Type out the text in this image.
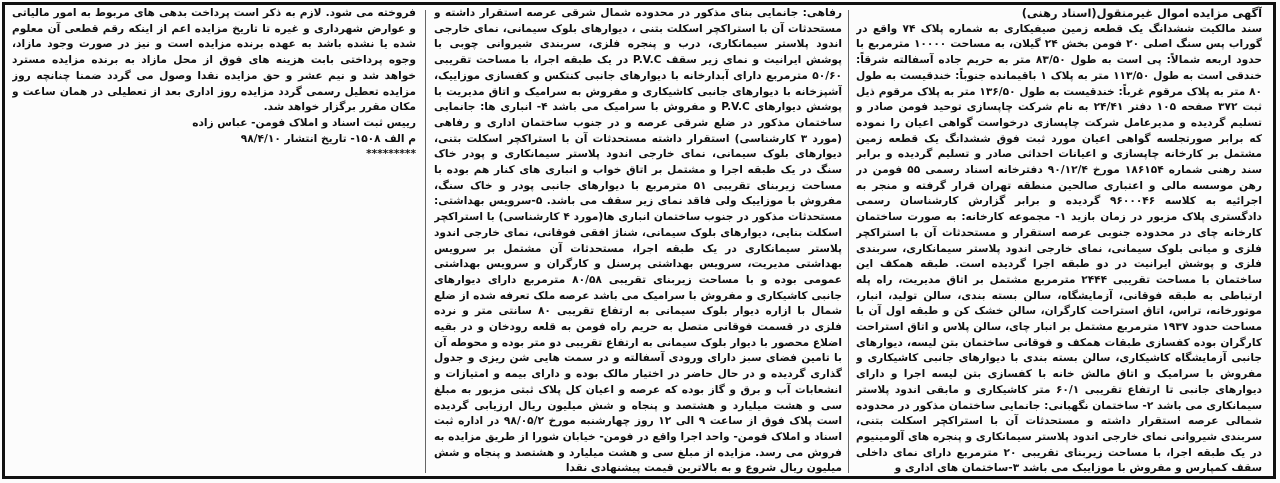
آگهی مزایده اموال غیرمنقول(اسناد رهنی)

سند مالکیت ششدانگ یک قطعه زمین صیفیکاری به شماره پلاک ۷۴ واقع در گوراب پس سنگ اصلی ۲۰ فومن بخش ۲۴ گیلان، به مساحت ۱۰۰۰۰ مترمربع با حدود اربعه شمالاً: پی است به طول ۸۳/۵۰ متر به حریم جاده آسفالته شرقاً: خندقی است به طول ۱۱۳/۵۰ متر به پلاک ۱ باقیمانده جنوباً: خندقیست به طول ۸۰ متر به پلاک مرقوم غرباً: خندقیست به طول ۱۳۶/۵۰ متر به پلاک مرقوم ذیل ثبت ۳۷۲ صفحه ۱۰۵ دفتر ۲۴/۴۱ به نام شرکت چاپسازی توحید فومن صادر و تسلیم گردیده و مدیرعامل شرکت چاپسازی درخواست گواهی اعیان را نموده که برابر صورتجلسه گواهی اعیان مورد ثبت فوق ششدانگ یک قطعه زمین مشتمل بر کارخانه چاپسازی و اعیانات احداثی صادر و تسلیم گردیده و برابر سند رهنی شماره ۱۸۶۱۵۴ مورخ ۹۰/۱۲/۴ دفترخانه اسناد رسمی ۵۵ فومن در رهن موسسه مالی و اعتباری صالحین منطقه تهران قرار گرفته و منجر به اجرائیه به کلاسه ۹۶۰۰۰۴۶ گردیده و برابر گزارش کارشناسان رسمی دادگستری پلاک مزبور در زمان بازید ۱- مجموعه کارخانه: به صورت ساختمان کارخانه چای در محدوده جنوبی عرصه استقرار و مستحدثات آن با استراکچر فلزی و میانی بلوک سیمانی، نمای خارجی اندود پلاستر سیمانکاری، سربندی فلزی و پوشش ایرانیت در دو طبقه اجرا گردیده است. طبقه همکف این ساختمان با مساحت تقریبی ۲۴۴۴ مترمربع مشتمل بر اتاق مدیریت، راه پله ارتباطی به طبقه فوقانی، آزمایشگاه، سالن بسته بندی، سالن تولید، انبار، موتورخانه، تراس، اتاق استراحت کارگران، سالن خشک کن و طبقه اول آن با مساحت حدود ۱۹۳۷ مترمربع مشتمل بر انبار چای، سالن پلاس و اتاق استراحت کارگران بوده کفسازی طبقات همکف و فوقانی ساختمان بتن لیسه، دیوارهای جانبی آزمایشگاه کاشیکاری، سالن بسته بندی با دیوارهای جانبی کاشیکاری و مفروش با سرامیک و اتاق مالش خانه با کفسازی بتن لیسه اجرا و دارای دیوارهای جانبی تا ارتفاع تقریبی ۶۰/۱ متر کاشیکاری و مابقی اندود پلاستر سیمانکاری می باشد ۲- ساختمان نگهبانی: جانمایی ساختمان مذکور در محدوده شمالی عرصه استقرار داشته و مستحدثات آن با استراکچر اسکلت بتنی، سربندی شیروانی نمای خارجی اندود پلاستر سیمانکاری و پنجره های آلومینیوم در یک طبقه اجرا، با مساحت زیربنای تقریبی ۲۰ مترمربع دارای نمای داخلی سقف کمپارس و مفروش با موزاییک می باشد ۳-ساختمان های اداری و

رفاهی: جانمایی بنای مذکور در محدوده شمال شرقی عرصه استقرار داشته و مستحدثات آن با استراکچر اسکلت بتنی ، دیوارهای بلوک سیمانی، نمای خارجی اندود پلاستر سیمانکاری، درب و پنجره فلزی، سربندی شیروانی چوبی با پوشش ایرانیت و نمای زیر سقف P.V.C در یک طبقه اجرا، با مساحت تقریبی ۵۰/۶۰ مترمربع دارای آبدارخانه با دیوارهای جانبی کنتکس و کفسازی موزاییک، آشپزخانه با دیوارهای جانبی کاشیکاری و مفروش به سرامیک و اتاق مدیریت با پوشش دیوارهای P.V.C و مفروش با سرامیک می باشد ۴- انباری ها: جانمایی ساختمان مذکور در ضلع شرقی عرصه و در جنوب ساختمان اداری و رفاهی (مورد ۳ کارشناسی) استقرار داشته مستحدثات آن با استراکچر اسکلت بتنی، دیوارهای بلوک سیمانی، نمای خارجی اندود پلاستر سیمانکاری و پودر خاک سنگ در یک طبقه اجرا و مشتمل بر اتاق خواب و انباری های کنار هم بوده با مساحت زیربنای تقریبی ۵۱ مترمربع با دیوارهای جانبی پودر و خاک سنگ، مفروش با موزاییک ولی فاقد نمای زیر سقف می باشد. ۵-سرویس بهداشتی: مستحدثات مذکور در جنوب ساختمان انباری ها(مورد ۴ کارشناسی) با استراکچر اسکلت بنایی، دیوارهای بلوک سیمانی، شناژ افقی فوقانی، نمای خارجی اندود پلاستر سیمانکاری در یک طبقه اجرا، مستحدثات آن مشتمل بر سرویس بهداشتی مدیریت، سرویس بهداشتی پرسنل و کارگران و سرویس بهداشتی عمومی بوده و با مساحت زیربنای تقریبی ۸۰/۵۸ مترمربع دارای دیوارهای جانبی کاشیکاری و مفروش با سرامیک می باشد عرصه ملک تعرفه شده از ضلع شمال با ازاره دیوار بلوک سیمانی به ارتفاع تقریبی ۸۰ سانتی متر و نرده فلزی در قسمت فوقانی متصل به حریم راه فومن به قلعه رودخان و در بقیه اضلاع محصور با دیوار بلوک سیمانی به ارتفاع تقریبی دو متر بوده و محوطه آن با تامین فضای سبز دارای ورودی آسفالته و در سمت هایی شن ریزی و جدول گذاری گردیده و در حال حاضر در اختیار مالک بوده و دارای بیمه و امتیازات و انشعابات آب و برق و گاز بوده که عرصه و اعیان کل پلاک ثبتی مزبور به مبلغ سی و هشت میلیارد و هشتصد و پنجاه و شش میلیون ریال ارزیابی گردیده است پلاک فوق از ساعت ۹ الی ۱۲ روز چهارشنبه مورخ ۹۸/۰۵/۲ در اداره ثبت اسناد و املاک فومن- واحد اجرا واقع در فومن- خیابان شورا از طریق مزایده به فروش می رسد. مزایده از مبلغ سی و هشت میلیارد و هشتصد و پنجاه و شش میلیون ریال شروع و به بالاترین قیمت پیشنهادی نقدا

فروخته می شود. لازم به ذکر است پرداخت بدهی های مربوط به امور مالیاتی و عوارض شهرداری و غیره تا تاریخ مزایده اعم از اینکه رقم قطعی آن معلوم شده یا نشده باشد به عهده برنده مزایده است و نیز در صورت وجود مازاد، وجوه پرداختی بابت هزینه های فوق از محل مازاد به برنده مزایده مسترد خواهد شد و نیم عشر و حق مزایده نقدا وصول می گردد ضمنا چنانچه روز مزایده تعطیل رسمی گردد مزایده روز اداری بعد از تعطیلی در همان ساعت و مکان مقرر برگزار خواهد شد.

رییس ثبت اسناد و املاک فومن- عباس زاده

م الف ۱۵۰۸- تاریخ انتشار ۹۸/۴/۱۰

*********
